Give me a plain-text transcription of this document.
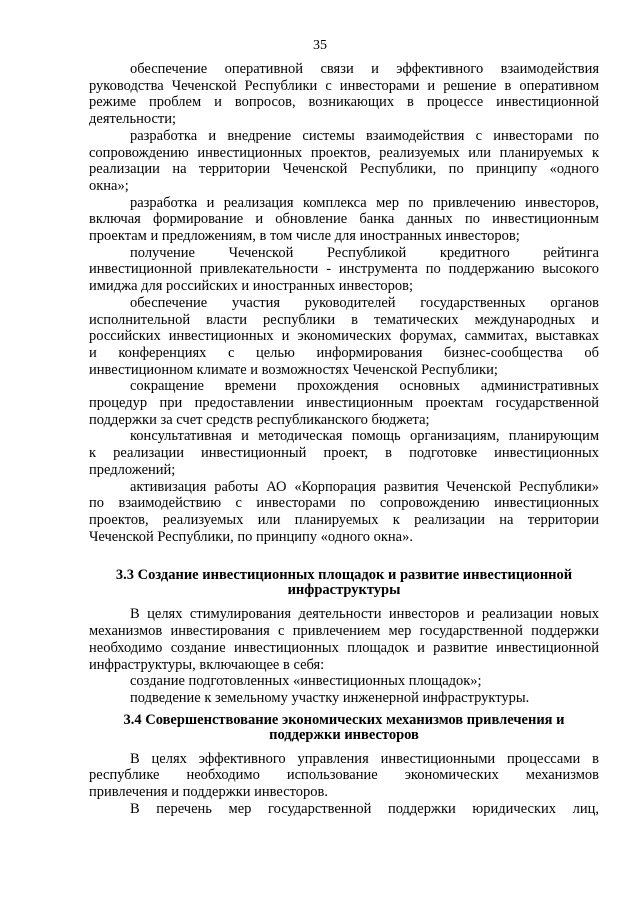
35

обеспечение оперативной связи и эффективного взаимодействия
руководства Чеченской Республики с инвесторами и решение в оперативном
режиме проблем и вопросов, возникающих в процессе инвестиционной
деятельности;

разработка и внедрение системы взаимодействия с инвесторами по
сопровождению инвестиционных проектов, реализуемых или планируемых к
реализации на территории Чеченской Республики, по принципу «одного
окна»;

разработка и реализация комплекса мер по привлечению инвесторов,
включая формирование и обновление банка данных по инвестиционным
проектам и предложениям, в том числе для иностранных инвесторов;

получение Чеченской Республикой кредитного рейтинга
инвестиционной привлекательности - инструмента по поддержанию высокого
имиджа для российских и иностранных инвесторов;

обеспечение участия руководителей государственных органов
исполнительной власти республики в тематических международных и
российских инвестиционных и экономических форумах, саммитах, выставках
и конференциях с целью информирования бизнес-сообщества об
инвестиционном климате и возможностях Чеченской Республики;

сокращение времени прохождения основных административных
процедур при предоставлении инвестиционным проектам государственной
поддержки за счет средств республиканского бюджета;

консультативная и методическая помощь организациям, планирующим
к реализации инвестиционный проект, в подготовке инвестиционных
предложений;

активизация работы АО «Корпорация развития Чеченской Республики»
по взаимодействию с инвесторами по сопровождению инвестиционных
проектов, реализуемых или планируемых к реализации на территории
Чеченской Республики, по принципу «одного окна».

3.3 Создание инвестиционных площадок и развитие инвестиционной инфраструктуры

В целях стимулирования деятельности инвесторов и реализации новых
механизмов инвестирования с привлечением мер государственной поддержки
необходимо создание инвестиционных площадок и развитие инвестиционной
инфраструктуры, включающее в себя:

создание подготовленных «инвестиционных площадок»;

подведение к земельному участку инженерной инфраструктуры.

3.4 Совершенствование экономических механизмов привлечения и поддержки инвесторов

В целях эффективного управления инвестиционными процессами в
республике необходимо использование экономических механизмов
привлечения и поддержки инвесторов.

В перечень мер государственной поддержки юридических лиц,
